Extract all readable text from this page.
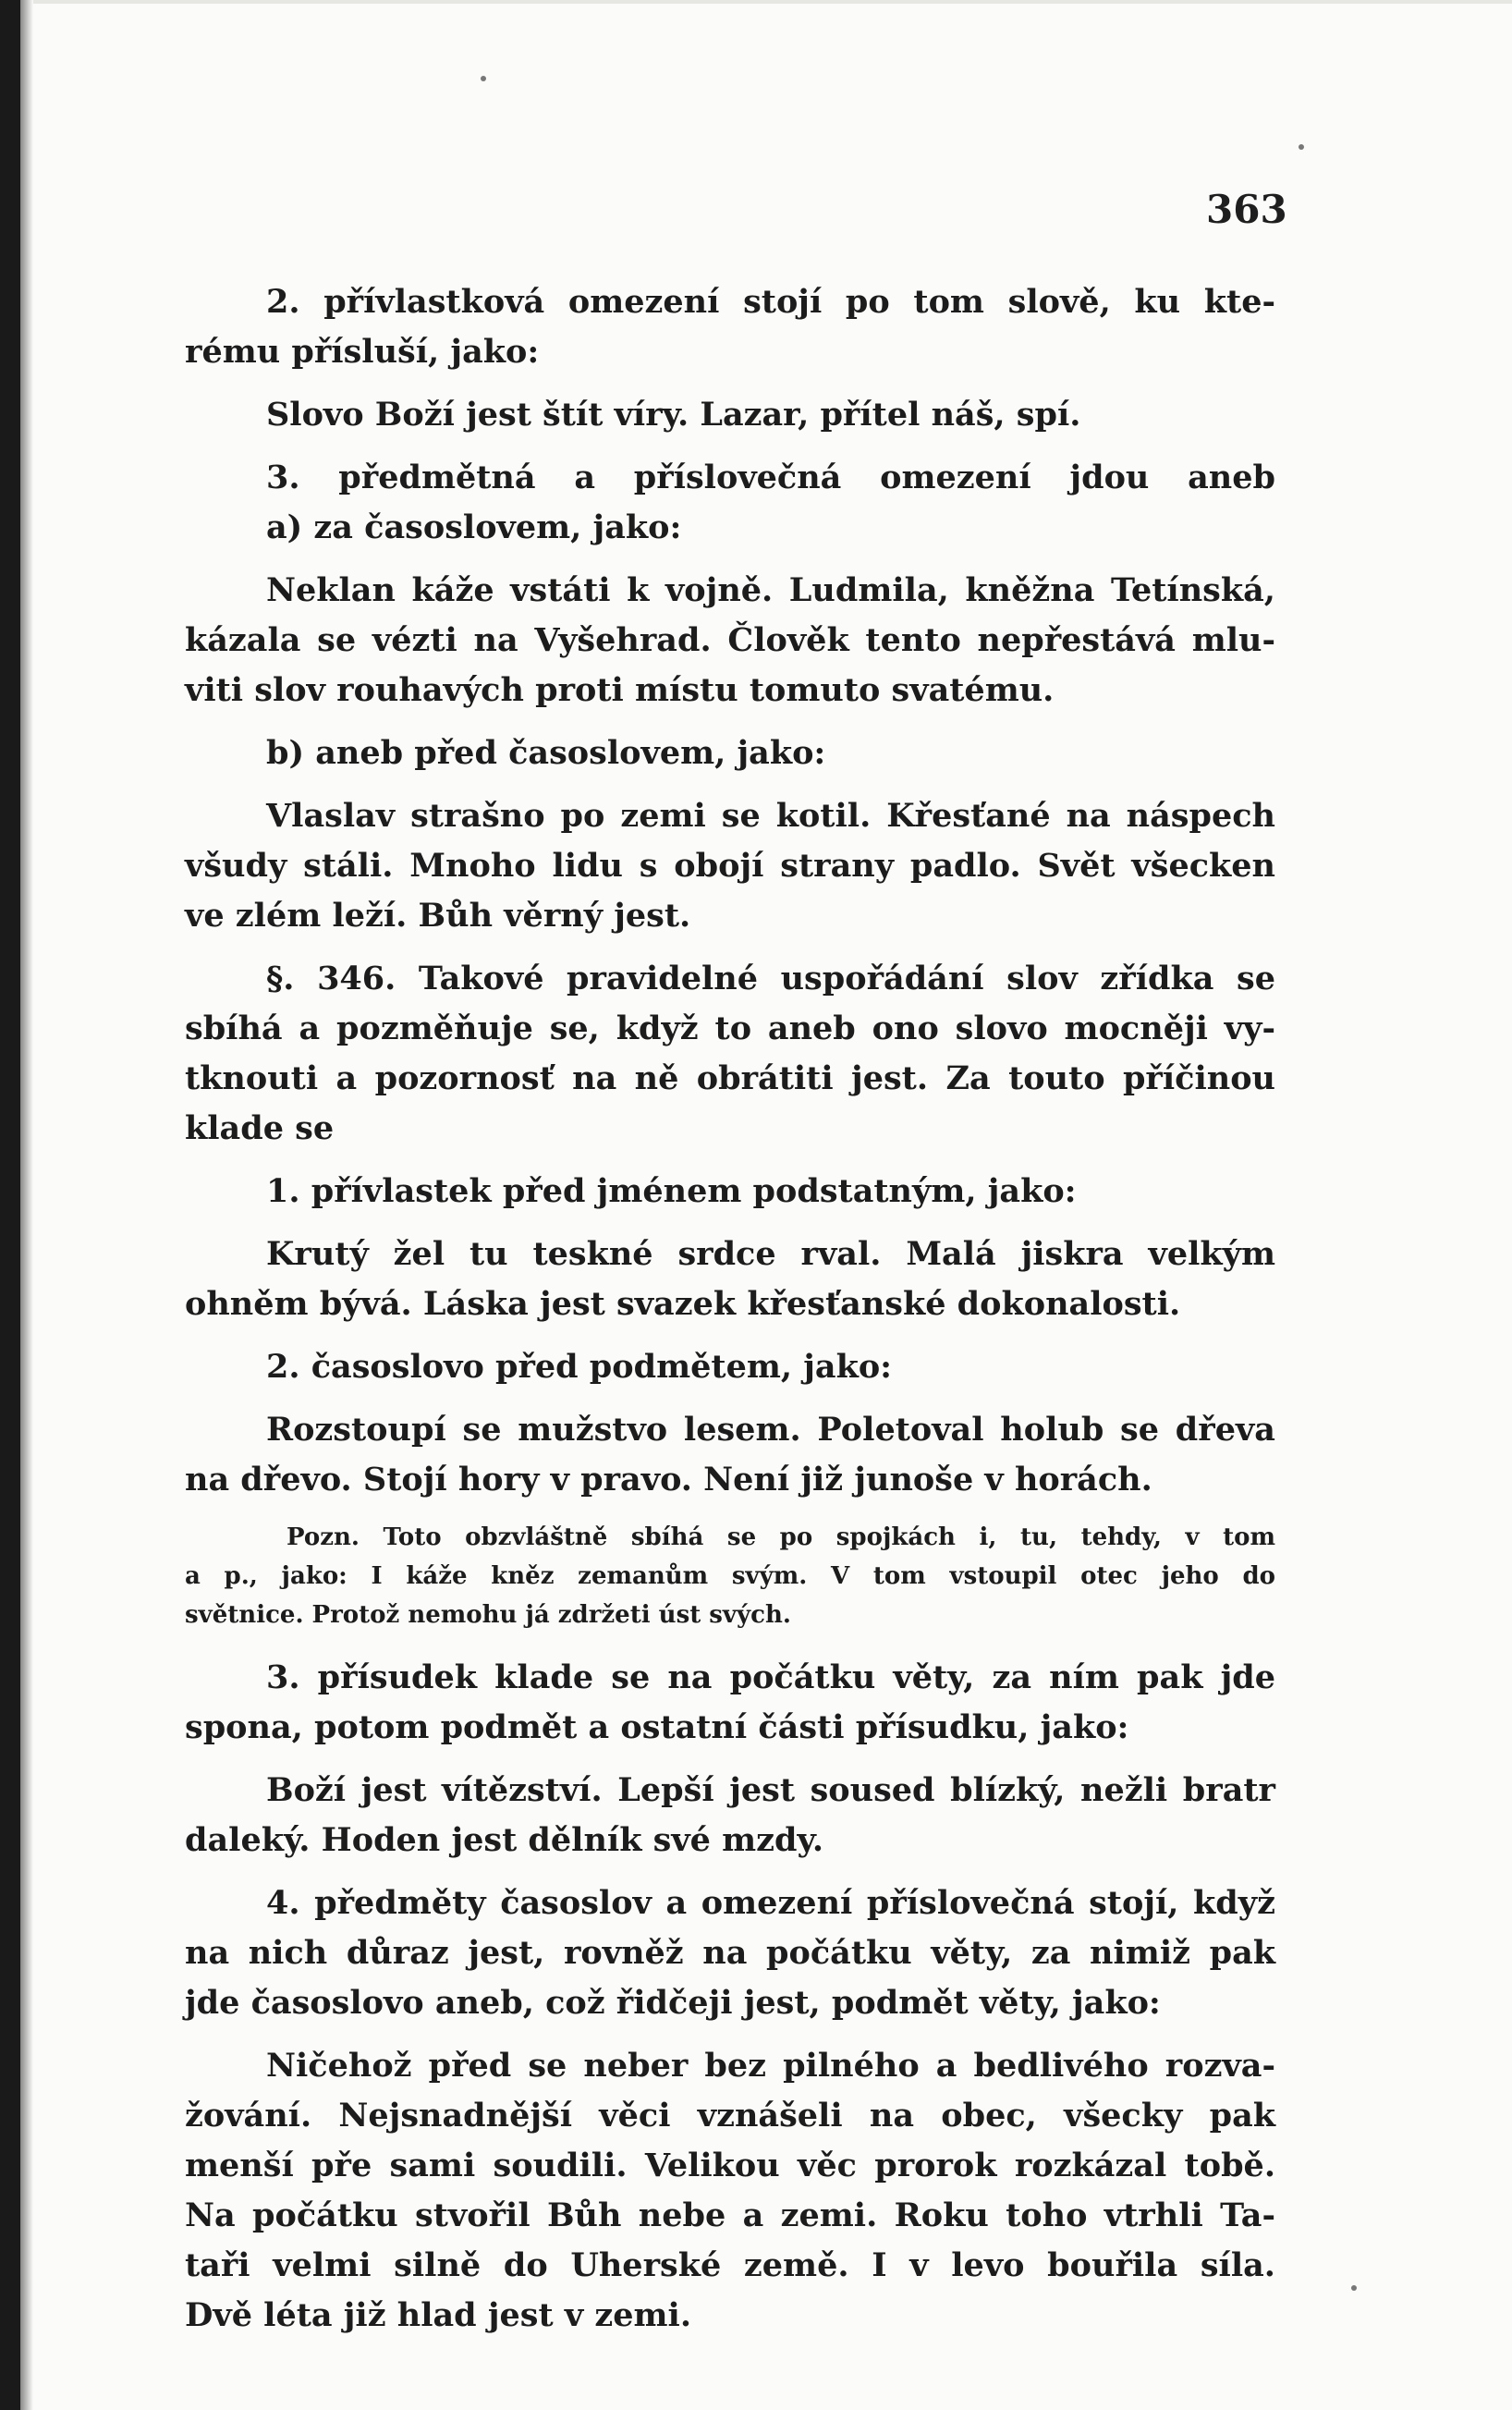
363
2. přívlastková omezení stojí po tom slově, ku kte-
rému přísluší, jako:
Slovo Boží jest štít víry. Lazar, přítel náš, spí.
3. předmětná a příslovečná omezení jdou aneb
a) za časoslovem, jako:
Neklan káže vstáti k vojně. Ludmila, kněžna Tetínská,
kázala se vézti na Vyšehrad. Člověk tento nepřestává mlu-
viti slov rouhavých proti místu tomuto svatému.
b) aneb před časoslovem, jako:
Vlaslav strašno po zemi se kotil. Křesťané na náspech
všudy stáli. Mnoho lidu s obojí strany padlo. Svět všecken
ve zlém leží. Bůh věrný jest.
§. 346. Takové pravidelné uspořádání slov zřídka se
sbíhá a pozměňuje se, když to aneb ono slovo mocněji vy-
tknouti a pozornosť na ně obrátiti jest. Za touto příčinou
klade se
1. přívlastek před jménem podstatným, jako:
Krutý žel tu teskné srdce rval. Malá jiskra velkým
ohněm bývá. Láska jest svazek křesťanské dokonalosti.
2. časoslovo před podmětem, jako:
Rozstoupí se mužstvo lesem. Poletoval holub se dřeva
na dřevo. Stojí hory v pravo. Není již junoše v horách.
Pozn. Toto obzvláštně sbíhá se po spojkách i, tu, tehdy, v tom
a p., jako: I káže kněz zemanům svým. V tom vstoupil otec jeho do
světnice. Protož nemohu já zdržeti úst svých.
3. přísudek klade se na počátku věty, za ním pak jde
spona, potom podmět a ostatní části přísudku, jako:
Boží jest vítězství. Lepší jest soused blízký, nežli bratr
daleký. Hoden jest dělník své mzdy.
4. předměty časoslov a omezení příslovečná stojí, když
na nich důraz jest, rovněž na počátku věty, za nimiž pak
jde časoslovo aneb, což řidčeji jest, podmět věty, jako:
Ničehož před se neber bez pilného a bedlivého rozva-
žování. Nejsnadnější věci vznášeli na obec, všecky pak
menší pře sami soudili. Velikou věc prorok rozkázal tobě.
Na počátku stvořil Bůh nebe a zemi. Roku toho vtrhli Ta-
taři velmi silně do Uherské země. I v levo bouřila síla.
Dvě léta již hlad jest v zemi.
